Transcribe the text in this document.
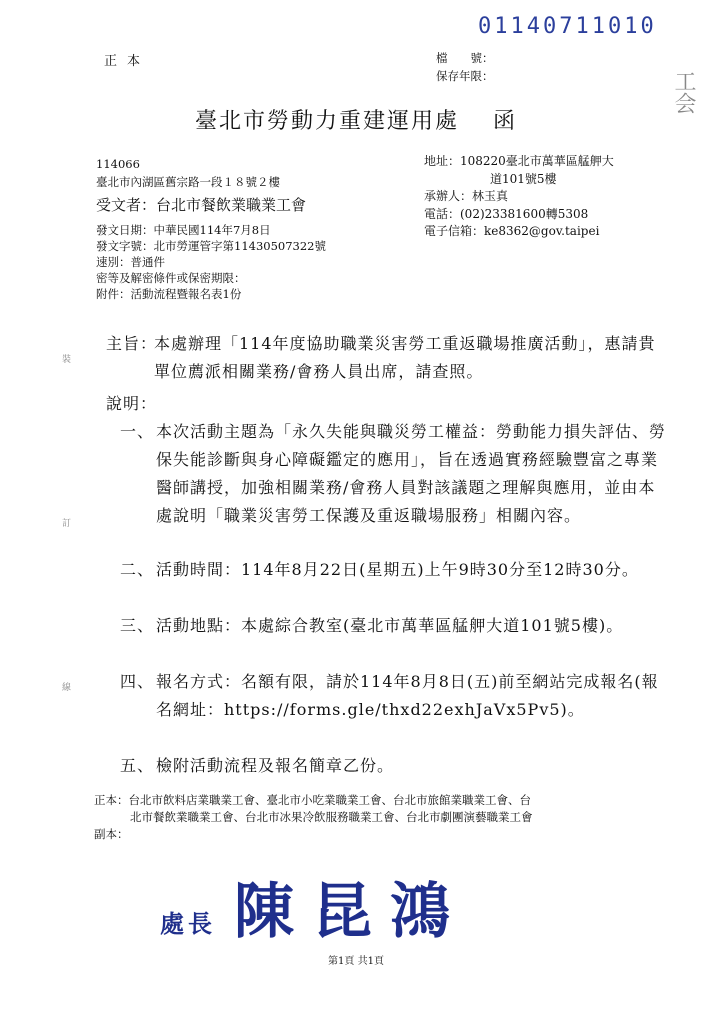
正本
01140711010
工会
檔　　號：
保存年限：
臺北市勞動力重建運用處 函
114066
臺北市內湖區舊宗路一段１８號２樓
受文者：台北市餐飲業職業工會
地址：108220臺北市萬華區艋舺大
道101號5樓
承辦人：林玉真
電話：(02)23381600轉5308
電子信箱：ke8362@gov.taipei
發文日期：中華民國114年7月8日
發文字號：北市勞運管字第11430507322號
速別：普通件
密等及解密條件或保密期限：
附件：活動流程暨報名表1份
主旨：
本處辦理「114年度協助職業災害勞工重返職場推廣活動」，惠請貴單位薦派相關業務/會務人員出席，請查照。
說明：
一、 本次活動主題為「永久失能與職災勞工權益：勞動能力損失評估、勞保失能診斷與身心障礙鑑定的應用」，旨在透過實務經驗豐富之專業醫師講授，加強相關業務/會務人員對該議題之理解與應用，並由本處說明「職業災害勞工保護及重返職場服務」相關內容。
二、 活動時間：114年8月22日(星期五)上午9時30分至12時30分。
三、 活動地點：本處綜合教室(臺北市萬華區艋舺大道101號5樓)。
四、 報名方式：名額有限，請於114年8月8日(五)前至網站完成報名(報名網址：https://forms.gle/thxd22exhJaVx5Pv5)。
五、 檢附活動流程及報名簡章乙份。
正本：台北市飲料店業職業工會、臺北市小吃業職業工會、台北市旅館業職業工會、台
北市餐飲業職業工會、台北市冰果冷飲服務職業工會、台北市劇團演藝職業工會
副本：
處長 陳昆鴻
第1頁 共1頁
裝
訂
線
